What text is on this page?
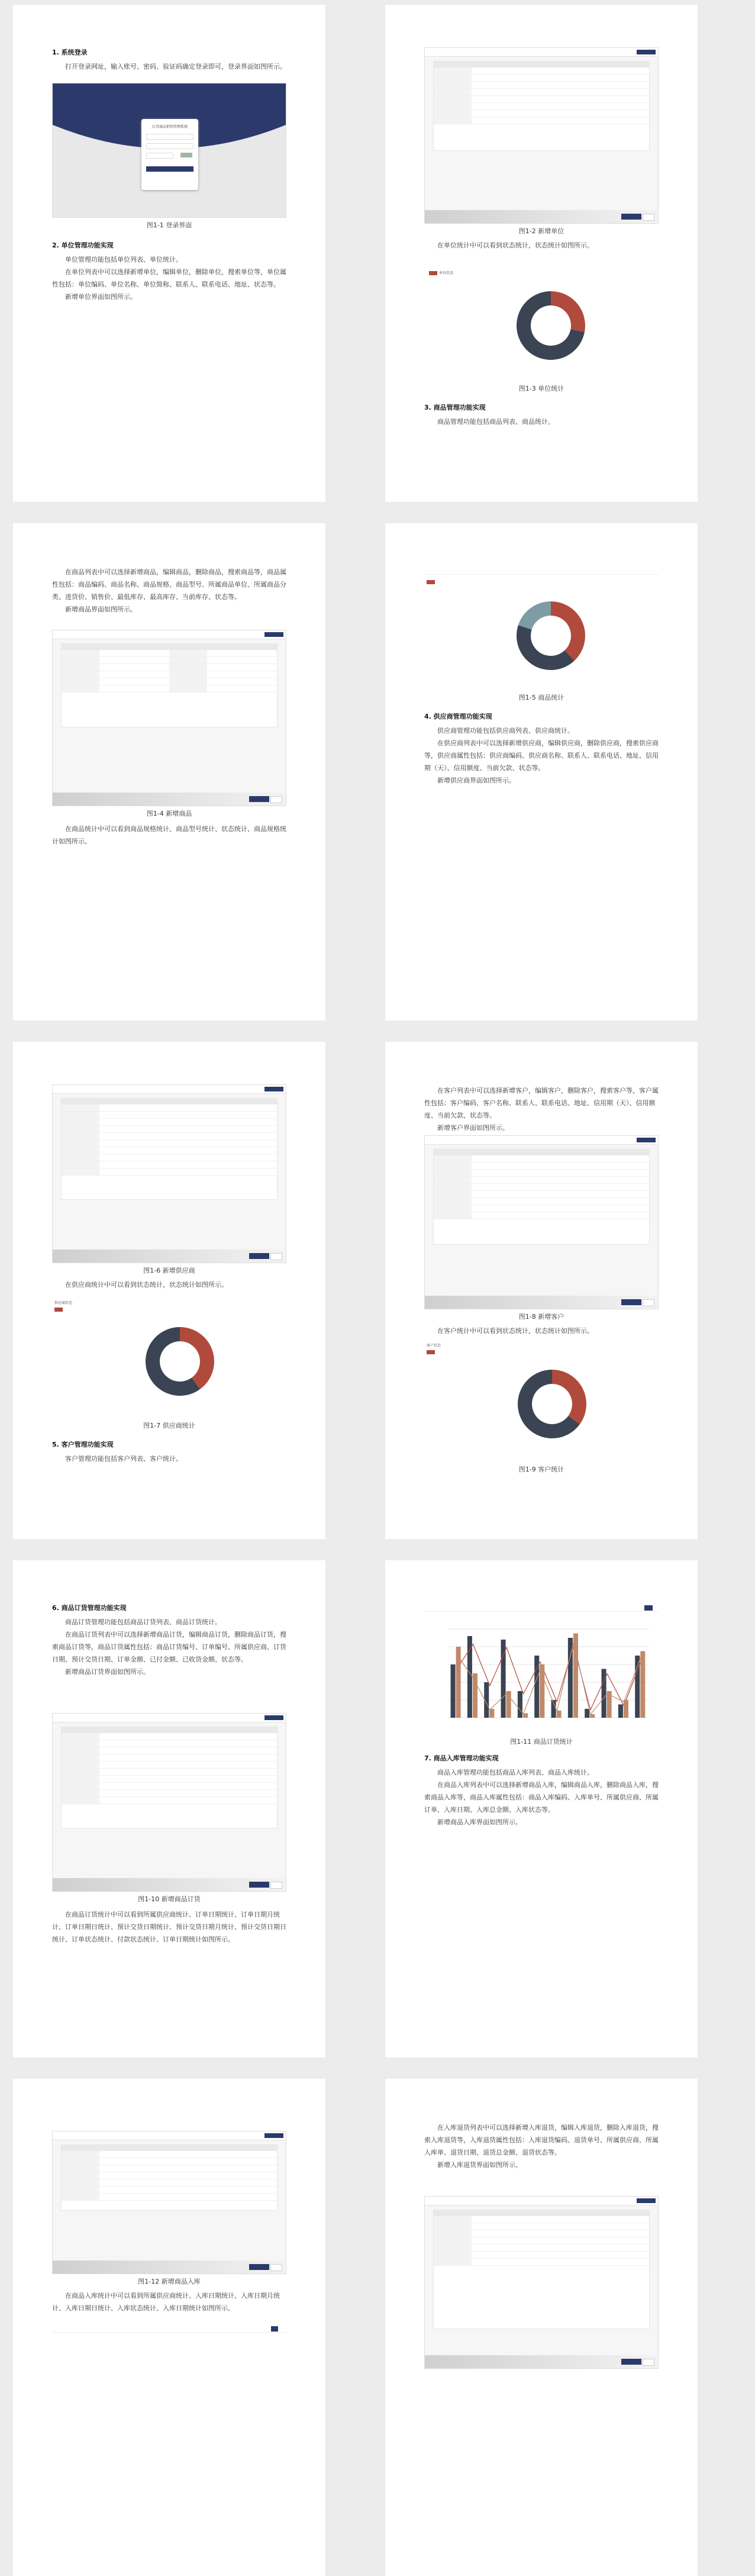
1. 系统登录

打开登录网址，输入账号、密码、验证码确定登录即可，登录界面如图所示。

江苏商品销售管理系统

图1-1 登录界面
2. 单位管理功能实现

单位管理功能包括单位列表、单位统计。

在单位列表中可以选择新增单位，编辑单位，删除单位，搜索单位等，单位属性包括：单位编码、单位名称、单位简称、联系人、联系电话、地址、状态等。

新增单位界面如图所示。

图1-2 新增单位

在单位统计中可以看到状态统计，状态统计如图所示。

单位状态
图1-3 单位统计
3. 商品管理功能实现

商品管理功能包括商品列表、商品统计。

在商品列表中可以选择新增商品，编辑商品，删除商品，搜索商品等，商品属性包括：商品编码、商品名称、商品规格、商品型号、所属商品单位、所属商品分类、进货价、销售价、最低库存、最高库存、当前库存、状态等。

新增商品界面如图所示。

图1-4 新增商品

在商品统计中可以看到商品规格统计、商品型号统计、状态统计、商品规格统计如图所示。

图1-5 商品统计
4. 供应商管理功能实现

供应商管理功能包括供应商列表、供应商统计。

在供应商列表中可以选择新增供应商，编辑供应商，删除供应商，搜索供应商等，供应商属性包括：供应商编码、供应商名称、联系人、联系电话、地址、信用期（天）、信用额度、当前欠款、状态等。

新增供应商界面如图所示。

图1-6 新增供应商

在供应商统计中可以看到状态统计，状态统计如图所示。

供应商状态

图1-7 供应商统计
5. 客户管理功能实现

客户管理功能包括客户列表、客户统计。

在客户列表中可以选择新增客户，编辑客户，删除客户，搜索客户等，客户属性包括：客户编码、客户名称、联系人、联系电话、地址、信用期（天）、信用额度、当前欠款、状态等。

新增客户界面如图所示。

图1-8 新增客户

在客户统计中可以看到状态统计，状态统计如图所示。

客户状态

图1-9 客户统计
6. 商品订货管理功能实现

商品订货管理功能包括商品订货列表、商品订货统计。

在商品订货列表中可以选择新增商品订货，编辑商品订货，删除商品订货，搜索商品订货等，商品订货属性包括：商品订货编号、订单编号、所属供应商、订货日期、预计交货日期、订单金额、已付金额、已收货金额、状态等。

新增商品订货界面如图所示。

图1-10 新增商品订货

在商品订货统计中可以看到所属供应商统计、订单日期统计、订单日期月统计、订单日期日统计、预计交货日期统计、预计交货日期月统计、预计交货日期日统计、订单状态统计、付款状态统计、订单日期统计如图所示。

图1-11 商品订货统计
7. 商品入库管理功能实现

商品入库管理功能包括商品入库列表、商品入库统计。

在商品入库列表中可以选择新增商品入库，编辑商品入库，删除商品入库，搜索商品入库等，商品入库属性包括：商品入库编码、入库单号、所属供应商、所属订单、入库日期、入库总金额、入库状态等。

新增商品入库界面如图所示。

图1-12 新增商品入库

在商品入库统计中可以看到所属供应商统计、入库日期统计、入库日期月统计、入库日期日统计、入库状态统计、入库日期统计如图所示。

在入库退货列表中可以选择新增入库退货，编辑入库退货，删除入库退货，搜索入库退货等，入库退货属性包括：入库退货编码、退货单号、所属供应商、所属入库单、退货日期、退货总金额、退货状态等。

新增入库退货界面如图所示。
